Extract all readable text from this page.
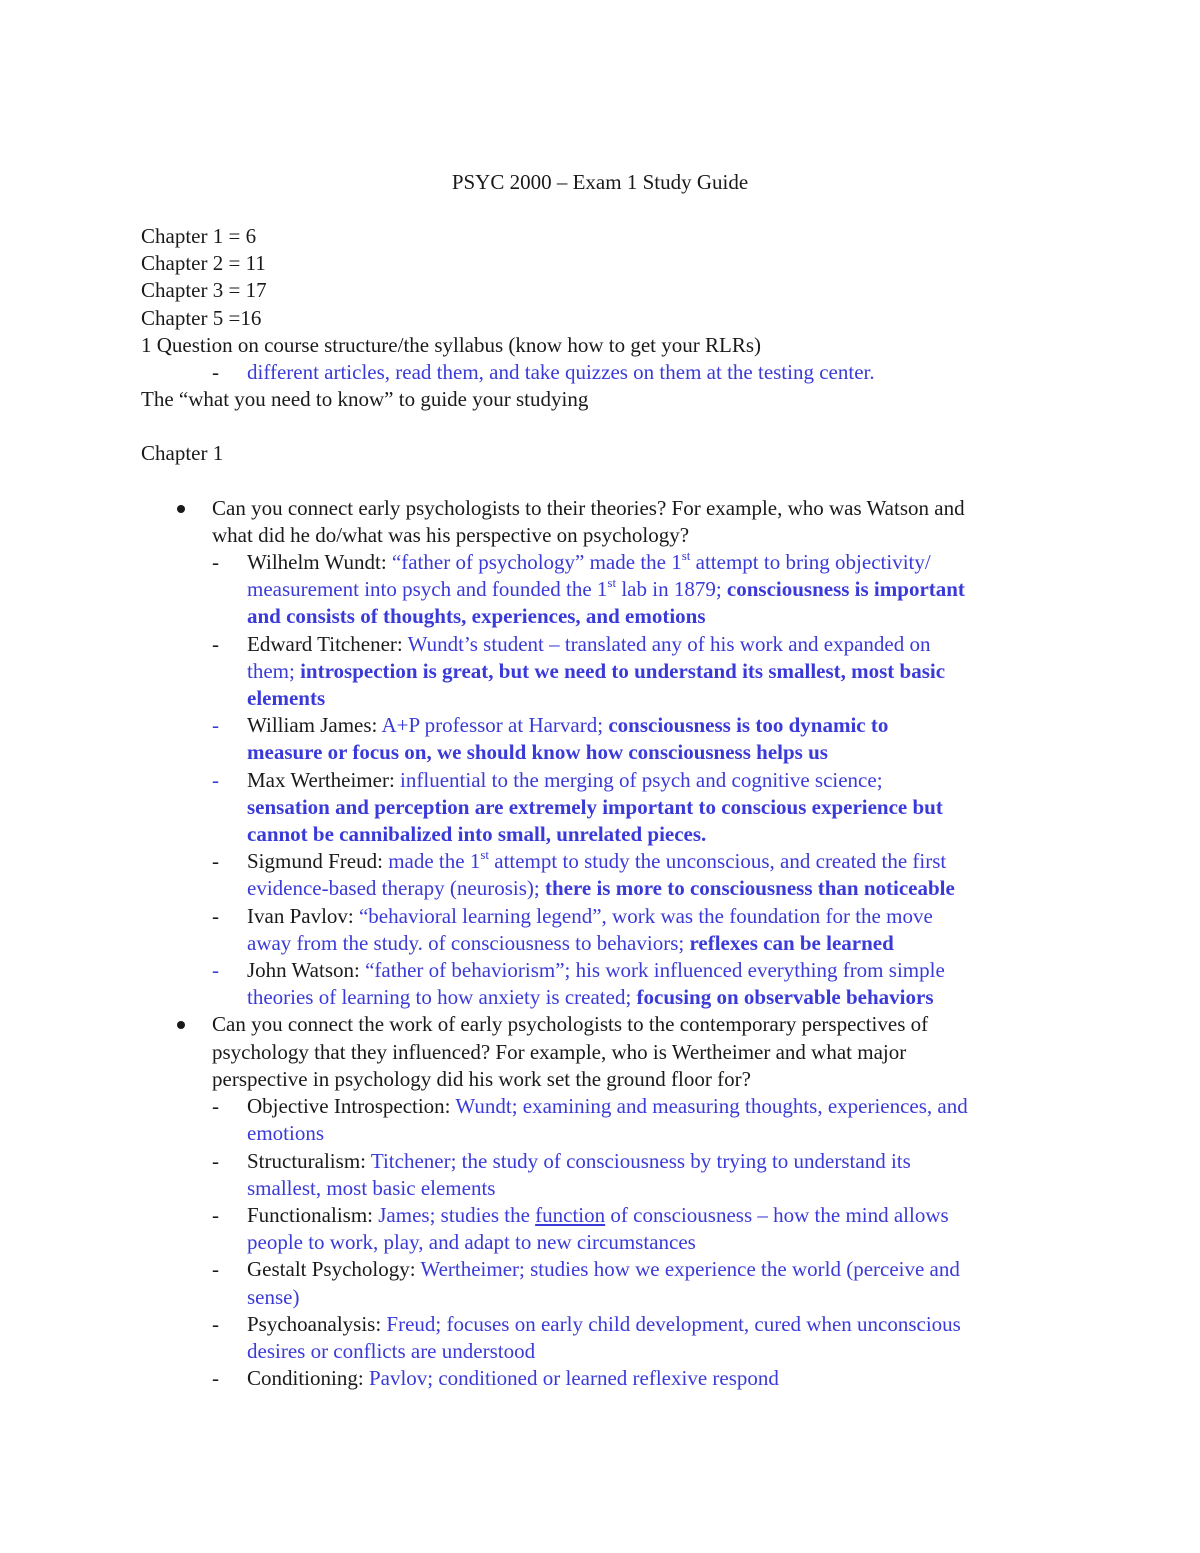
PSYC 2000 – Exam 1 Study Guide
Chapter 1 = 6
Chapter 2 = 11
Chapter 3 = 17
Chapter 5 =16
1 Question on course structure/the syllabus (know how to get your RLRs)
- different articles, read them, and take quizzes on them at the testing center.
The “what you need to know” to guide your studying
Chapter 1
Can you connect early psychologists to their theories? For example, who was Watson and
what did he do/what was his perspective on psychology?
- Wilhelm Wundt: “father of psychology” made the 1st attempt to bring objectivity/
measurement into psych and founded the 1st lab in 1879; consciousness is important
and consists of thoughts, experiences, and emotions
- Edward Titchener: Wundt’s student – translated any of his work and expanded on
them; introspection is great, but we need to understand its smallest, most basic
elements
- William James: A+P professor at Harvard; consciousness is too dynamic to
measure or focus on, we should know how consciousness helps us
- Max Wertheimer: influential to the merging of psych and cognitive science;
sensation and perception are extremely important to conscious experience but
cannot be cannibalized into small, unrelated pieces.
- Sigmund Freud: made the 1st attempt to study the unconscious, and created the first
evidence-based therapy (neurosis); there is more to consciousness than noticeable
- Ivan Pavlov: “behavioral learning legend”, work was the foundation for the move
away from the study. of consciousness to behaviors; reflexes can be learned
- John Watson: “father of behaviorism”; his work influenced everything from simple
theories of learning to how anxiety is created; focusing on observable behaviors
Can you connect the work of early psychologists to the contemporary perspectives of
psychology that they influenced? For example, who is Wertheimer and what major
perspective in psychology did his work set the ground floor for?
- Objective Introspection: Wundt; examining and measuring thoughts, experiences, and
emotions
- Structuralism: Titchener; the study of consciousness by trying to understand its
smallest, most basic elements
- Functionalism: James; studies the function of consciousness – how the mind allows
people to work, play, and adapt to new circumstances
- Gestalt Psychology: Wertheimer; studies how we experience the world (perceive and
sense)
- Psychoanalysis: Freud; focuses on early child development, cured when unconscious
desires or conflicts are understood
- Conditioning: Pavlov; conditioned or learned reflexive respond
